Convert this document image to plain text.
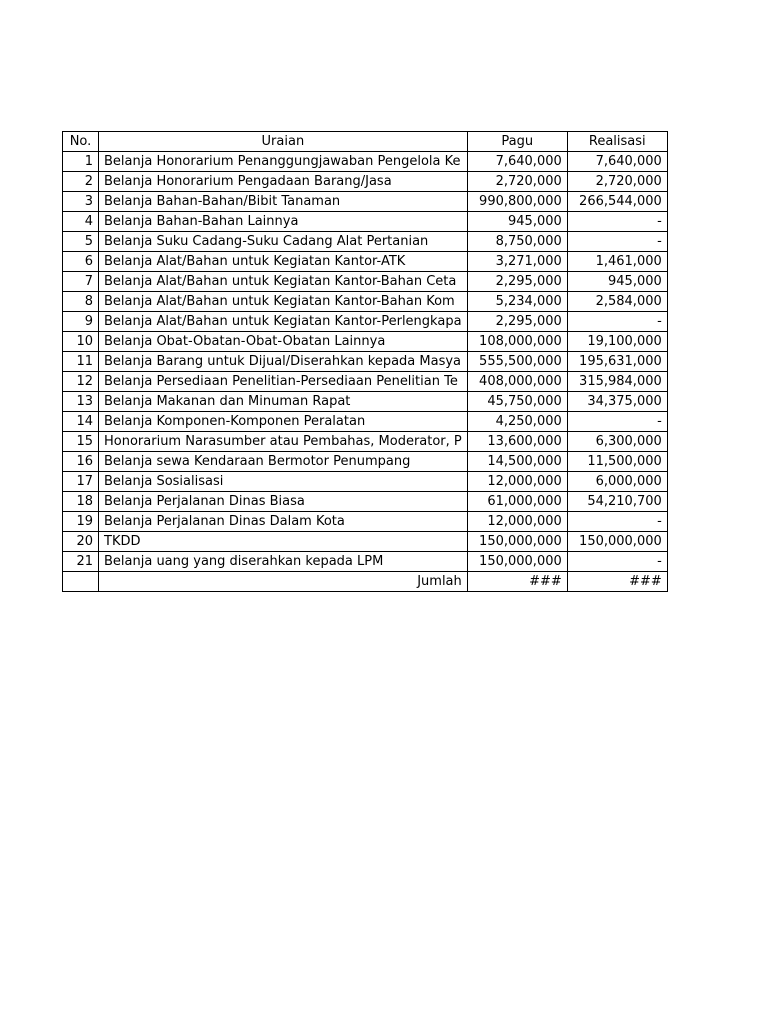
No.	Uraian	Pagu	Realisasi
1	Belanja Honorarium Penanggungjawaban Pengelola Ke	7,640,000	7,640,000
2	Belanja Honorarium Pengadaan Barang/Jasa	2,720,000	2,720,000
3	Belanja Bahan-Bahan/Bibit Tanaman	990,800,000	266,544,000
4	Belanja Bahan-Bahan Lainnya	945,000	-
5	Belanja Suku Cadang-Suku Cadang Alat Pertanian	8,750,000	-
6	Belanja Alat/Bahan untuk Kegiatan Kantor-ATK	3,271,000	1,461,000
7	Belanja Alat/Bahan untuk Kegiatan Kantor-Bahan Ceta	2,295,000	945,000
8	Belanja Alat/Bahan untuk Kegiatan Kantor-Bahan Kom	5,234,000	2,584,000
9	Belanja Alat/Bahan untuk Kegiatan Kantor-Perlengkapa	2,295,000	-
10	Belanja Obat-Obatan-Obat-Obatan Lainnya	108,000,000	19,100,000
11	Belanja Barang untuk Dijual/Diserahkan kepada Masya	555,500,000	195,631,000
12	Belanja Persediaan Penelitian-Persediaan Penelitian Te	408,000,000	315,984,000
13	Belanja Makanan dan Minuman Rapat	45,750,000	34,375,000
14	Belanja Komponen-Komponen Peralatan	4,250,000	-
15	Honorarium Narasumber atau Pembahas, Moderator, P	13,600,000	6,300,000
16	Belanja sewa Kendaraan Bermotor Penumpang	14,500,000	11,500,000
17	Belanja Sosialisasi	12,000,000	6,000,000
18	Belanja Perjalanan Dinas Biasa	61,000,000	54,210,700
19	Belanja Perjalanan Dinas Dalam Kota	12,000,000	-
20	TKDD	150,000,000	150,000,000
21	Belanja uang yang diserahkan kepada LPM	150,000,000	-
	Jumlah	###	###
